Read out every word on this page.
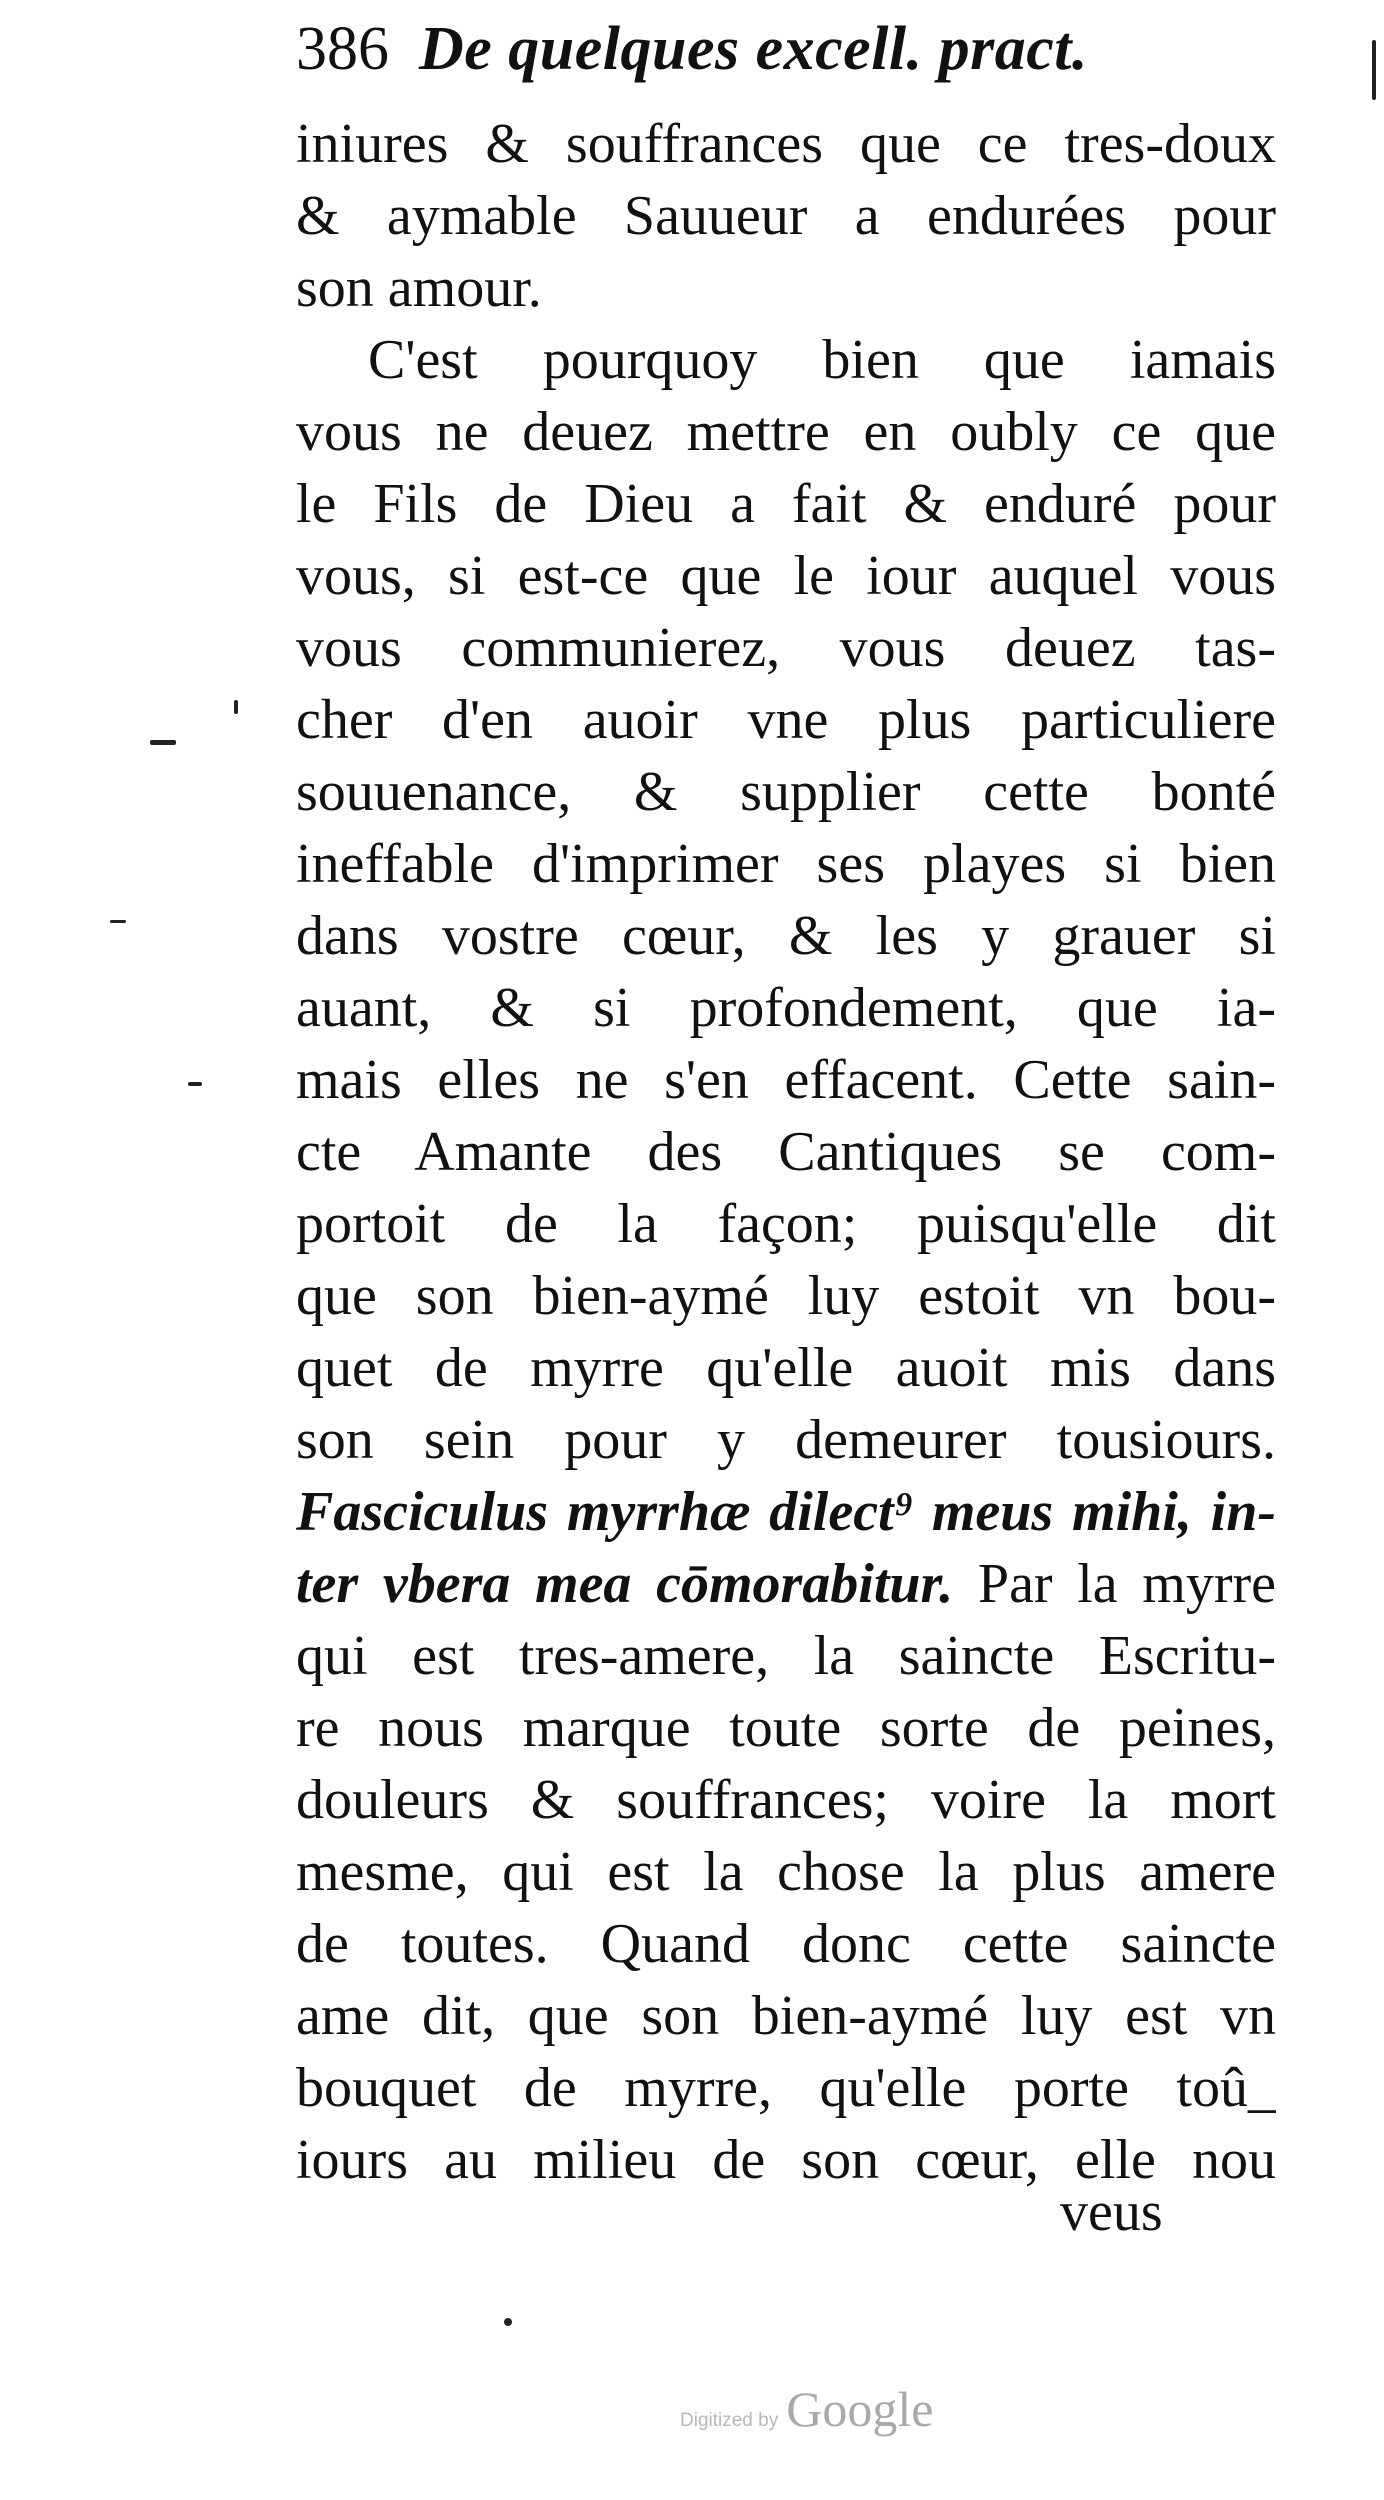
386 De quelques excell. pract.
iniures & souffrances que ce tres-doux
& aymable Sauueur a endurées pour
son amour.
C'est pourquoy bien que iamais
vous ne deuez mettre en oubly ce que
le Fils de Dieu a fait & enduré pour
vous, si est-ce que le iour auquel vous
vous communierez, vous deuez tas-
cher d'en auoir vne plus particuliere
souuenance, & supplier cette bonté
ineffable d'imprimer ses playes si bien
dans vostre cœur, & les y grauer si
auant, & si profondement, que ia-
mais elles ne s'en effacent. Cette sain-
cte Amante des Cantiques se com-
portoit de la façon; puisqu'elle dit
que son bien-aymé luy estoit vn bou-
quet de myrre qu'elle auoit mis dans
son sein pour y demeurer tousiours.
Fasciculus myrrhæ dilect⁹ meus mihi, in-
ter vbera mea cōmorabitur. Par la myrre
qui est tres-amere, la saincte Escritu-
re nous marque toute sorte de peines,
douleurs & souffrances; voire la mort
mesme, qui est la chose la plus amere
de toutes. Quand donc cette saincte
ame dit, que son bien-aymé luy est vn
bouquet de myrre, qu'elle porte toû_
iours au milieu de son cœur, elle nou
veus
Digitized by Google
